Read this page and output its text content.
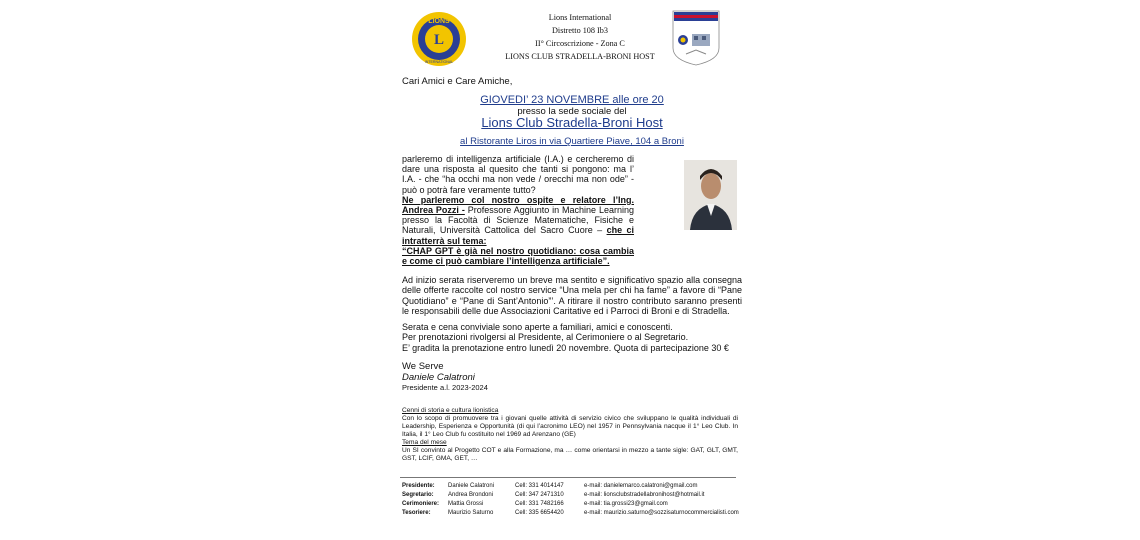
L
LIONS
INTERNATIONAL
Lions International
Distretto 108 Ib3
II° Circoscrizione - Zona C
LIONS CLUB STRADELLA-BRONI HOST
Cari Amici e Care Amiche,
GIOVEDI’ 23 NOVEMBRE alle ore 20
presso la sede sociale del
Lions Club Stradella-Broni Host
al Ristorante Liros in via Quartiere Piave, 104 a Broni

parleremo di intelligenza artificiale (I.A.) e cercheremo di dare una risposta al quesito che tanti si pongono: ma l’ I.A. - che “ha occhi ma non vede / orecchi ma non ode” - può o potrà fare veramente tutto?

Ne parleremo col nostro ospite e relatore l’Ing. Andrea Pozzi - Professore Aggiunto in Machine Learning presso la Facoltà di Scienze Matematiche, Fisiche e Naturali, Università Cattolica del Sacro Cuore – che ci intratterrà sul tema:

“CHAP GPT è già nel nostro quotidiano: cosa cambia e come ci può cambiare l’intelligenza artificiale”.

Ad inizio serata riserveremo un breve ma sentito e significativo spazio alla consegna delle offerte raccolte col nostro service “Una mela per chi ha fame” a favore di “Pane Quotidiano” e “Pane di Sant’Antonio”’. A ritirare il nostro contributo saranno presenti le responsabili delle due Associazioni Caritative ed i Parroci di Broni e di Stradella.
Serata e cena conviviale sono aperte a familiari, amici e conoscenti.
Per prenotazioni rivolgersi al Presidente, al Cerimoniere o al Segretario.
E’ gradita la prenotazione entro lunedì 20 novembre. Quota di partecipazione 30 €
We Serve
Daniele Calatroni
Presidente a.l. 2023-2024
Cenni di storia e cultura lionistica
Con lo scopo di promuovere tra i giovani quelle attività di servizio civico che sviluppano le qualità individuali di Leadership, Esperienza e Opportunità (di qui l’acronimo LEO) nel 1957 in Pennsylvania nacque il 1° Leo Club. In Italia, il 1° Leo Club fu costituito nel 1969 ad Arenzano (GE)
Tema del mese
Un SI convinto al Progetto COT e alla Formazione, ma … come orientarsi in mezzo a tante sigle: GAT, GLT, GMT, GST, LCIF, GMA, GET, …
Presidente: Daniele Calatroni	Cell: 331 4014147	e-mail: danielemarco.calatroni@gmail.com
Segretario: Andrea Brondoni	Cell: 347 2471310	e-mail: lionsclubstradellabronihost@hotmail.it
Cerimoniere: Mattia Grossi	Cell: 331 7482166	e-mail: tia.grossi23@gmail.com
Tesoriere:	Maurizio Saturno	Cell: 335 6654420	e-mail: maurizio.saturno@sozzisaturnocommercialisti.com
